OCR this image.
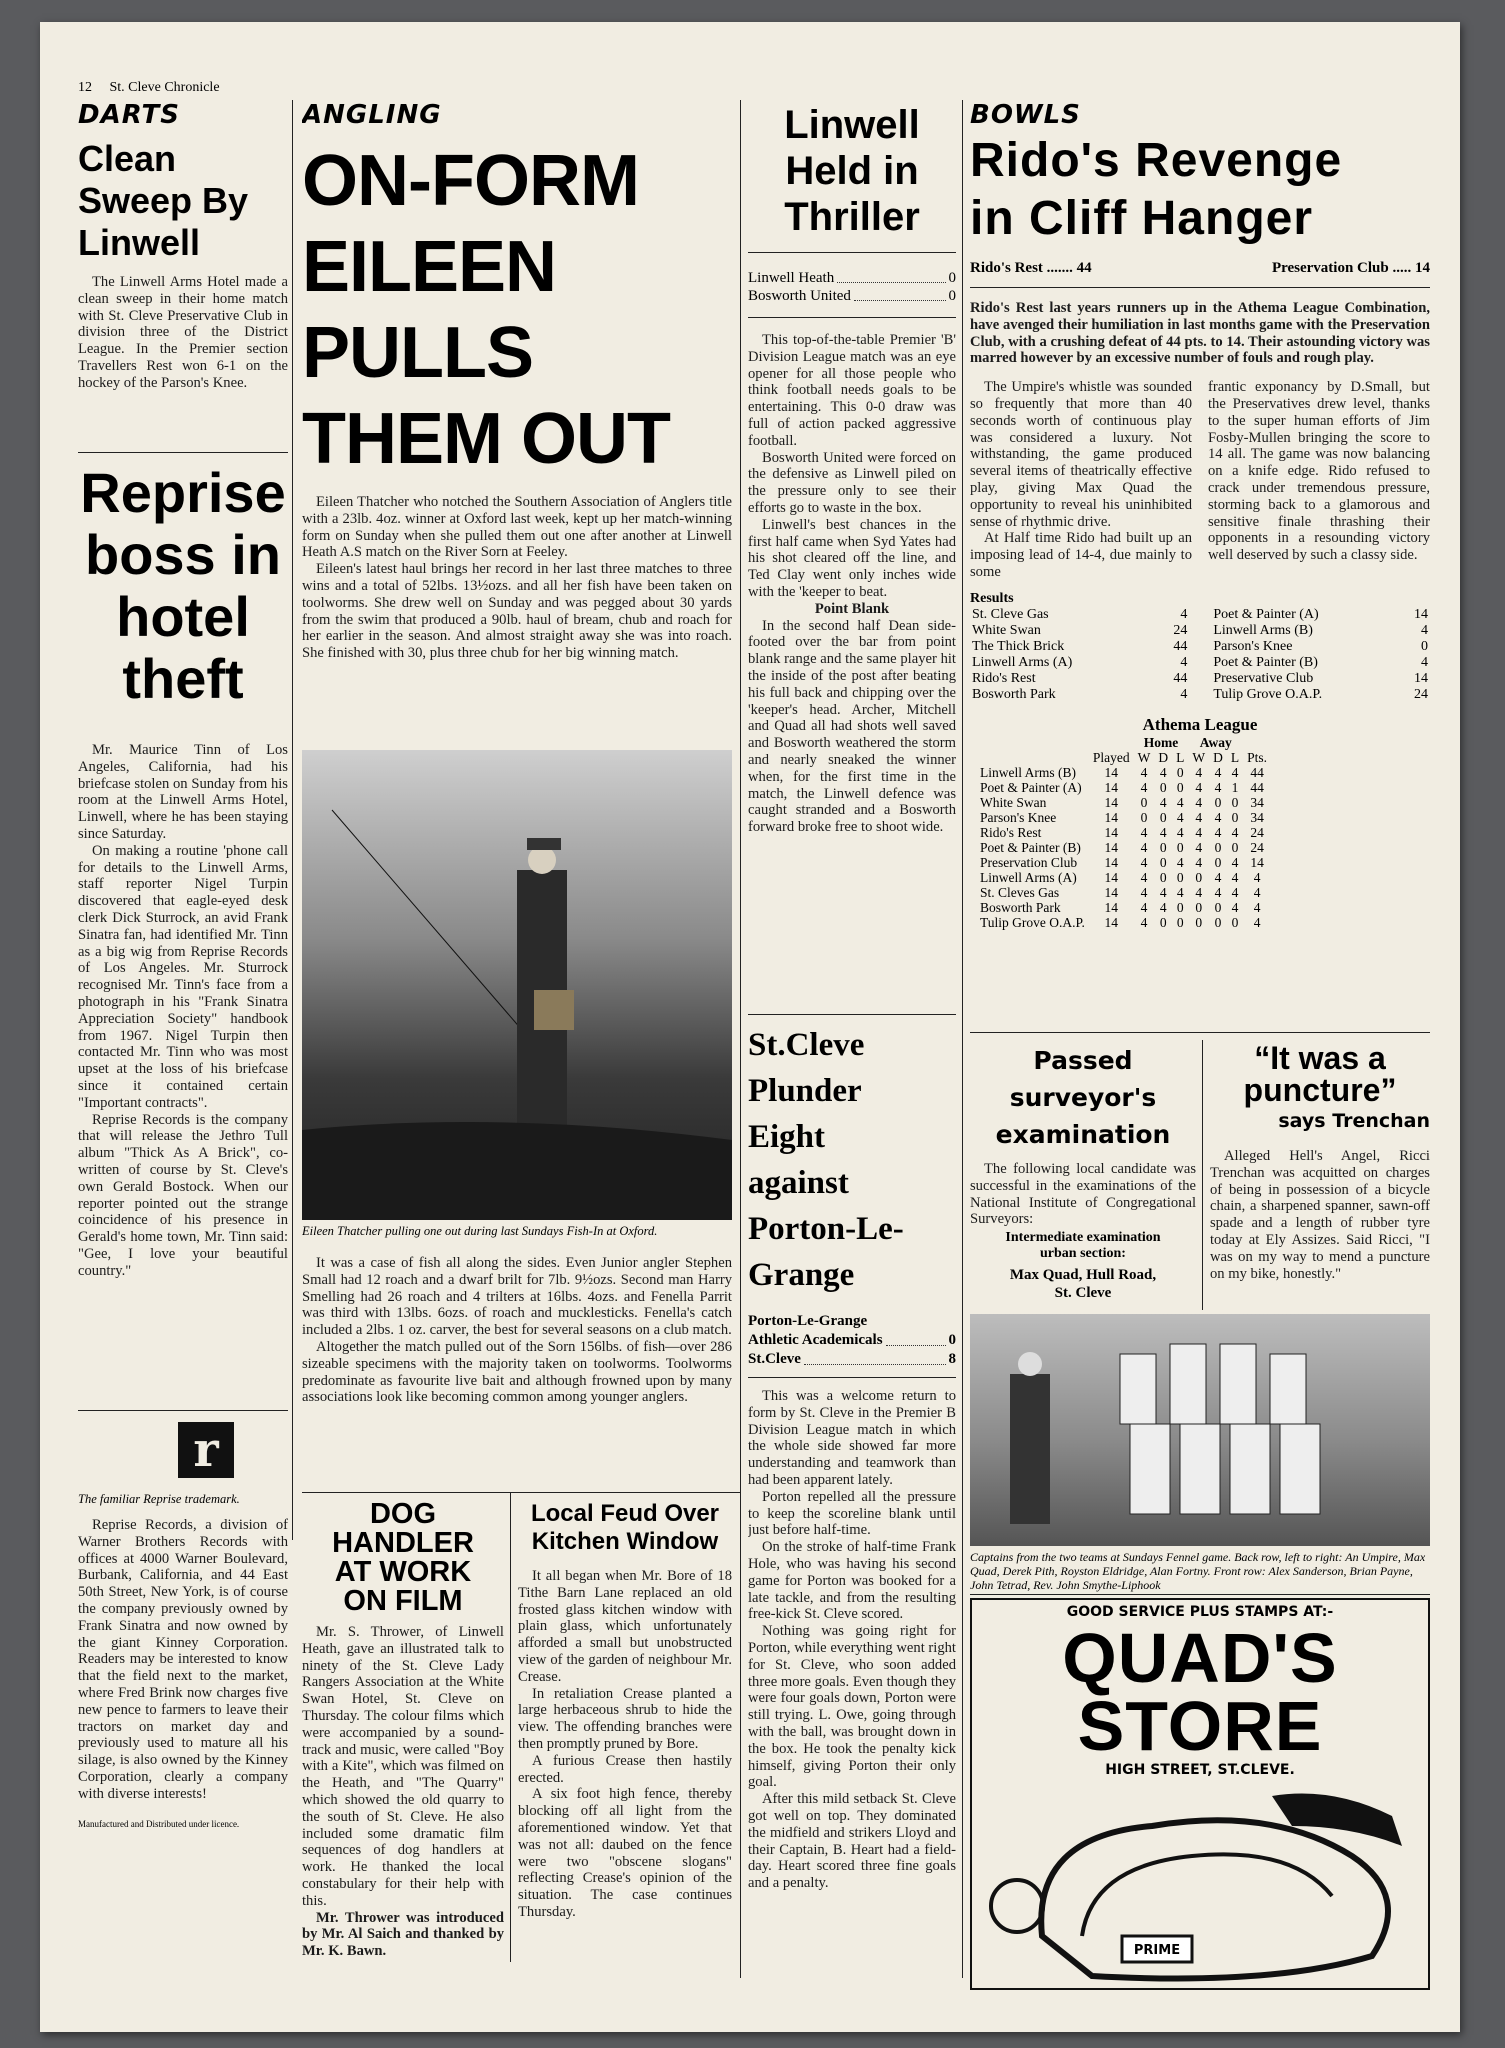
12 St. Cleve Chronicle
DARTS
Clean
Sweep By
Linwell

The Linwell Arms Hotel made a clean sweep in their home match with St. Cleve Preservative Club in division three of the District League. In the Premier section Travellers Rest won 6-1 on the hockey of the Parson's Knee.

Reprise
boss in
hotel
theft

Mr. Maurice Tinn of Los Angeles, California, had his briefcase stolen on Sunday from his room at the Linwell Arms Hotel, Linwell, where he has been staying since Saturday.

On making a routine 'phone call for details to the Linwell Arms, staff reporter Nigel Turpin discovered that eagle-eyed desk clerk Dick Sturrock, an avid Frank Sinatra fan, had identified Mr. Tinn as a big wig from Reprise Records of Los Angeles. Mr. Sturrock recognised Mr. Tinn's face from a photograph in his "Frank Sinatra Appreciation Society" handbook from 1967. Nigel Turpin then contacted Mr. Tinn who was most upset at the loss of his briefcase since it contained certain "Important contracts".

Reprise Records is the company that will release the Jethro Tull album "Thick As A Brick", co-written of course by St. Cleve's own Gerald Bostock. When our reporter pointed out the strange coincidence of his presence in Gerald's home town, Mr. Tinn said: "Gee, I love your beautiful country."

r
The familiar Reprise trademark.

Reprise Records, a division of Warner Brothers Records with offices at 4000 Warner Boulevard, Burbank, California, and 44 East 50th Street, New York, is of course the company previously owned by Frank Sinatra and now owned by the giant Kinney Corporation. Readers may be interested to know that the field next to the market, where Fred Brink now charges five new pence to farmers to leave their tractors on market day and previously used to mature all his silage, is also owned by the Kinney Corporation, clearly a company with diverse interests!

Manufactured and Distributed under licence.
ANGLING
ON-FORM
EILEEN PULLS
THEM OUT

Eileen Thatcher who notched the Southern Association of Anglers title with a 23lb. 4oz. winner at Oxford last week, kept up her match-winning form on Sunday when she pulled them out one after another at Linwell Heath A.S match on the River Sorn at Feeley.

Eileen's latest haul brings her record in her last three matches to three wins and a total of 52lbs. 13½ozs. and all her fish have been taken on toolworms. She drew well on Sunday and was pegged about 30 yards from the swim that produced a 90lb. haul of bream, chub and roach for her earlier in the season. And almost straight away she was into roach. She finished with 30, plus three chub for her big winning match.

Eileen Thatcher pulling one out during last Sundays Fish-In at Oxford.

It was a case of fish all along the sides. Even Junior angler Stephen Small had 12 roach and a dwarf brilt for 7lb. 9½ozs. Second man Harry Smelling had 26 roach and 4 trilters at 16lbs. 4ozs. and Fenella Parrit was third with 13lbs. 6ozs. of roach and mucklesticks. Fenella's catch included a 2lbs. 1 oz. carver, the best for several seasons on a club match.

Altogether the match pulled out of the Sorn 156lbs. of fish—over 286 sizeable specimens with the majority taken on toolworms. Toolworms predominate as favourite live bait and although frowned upon by many associations look like becoming common among younger anglers.

DOG
HANDLER
AT WORK
ON FILM

Mr. S. Thrower, of Linwell Heath, gave an illustrated talk to ninety of the St. Cleve Lady Rangers Association at the White Swan Hotel, St. Cleve on Thursday. The colour films which were accompanied by a sound-track and music, were called "Boy with a Kite", which was filmed on the Heath, and "The Quarry" which showed the old quarry to the south of St. Cleve. He also included some dramatic film sequences of dog handlers at work. He thanked the local constabulary for their help with this.

Mr. Thrower was introduced by Mr. Al Saich and thanked by Mr. K. Bawn.

Local Feud Over
Kitchen Window

It all began when Mr. Bore of 18 Tithe Barn Lane replaced an old frosted glass kitchen window with plain glass, which unfortunately afforded a small but unobstructed view of the garden of neighbour Mr. Crease.

In retaliation Crease planted a large herbaceous shrub to hide the view. The offending branches were then promptly pruned by Bore.

A furious Crease then hastily erected.

A six foot high fence, thereby blocking off all light from the aforementioned window. Yet that was not all: daubed on the fence were two "obscene slogans" reflecting Crease's opinion of the situation. The case continues Thursday.

Linwell
Held in
Thriller
Linwell Heath	0
Bosworth United	0

This top-of-the-table Premier 'B' Division League match was an eye opener for all those people who think football needs goals to be entertaining. This 0-0 draw was full of action packed aggressive football.

Bosworth United were forced on the defensive as Linwell piled on the pressure only to see their efforts go to waste in the box.

Linwell's best chances in the first half came when Syd Yates had his shot cleared off the line, and Ted Clay went only inches wide with the 'keeper to beat.

Point Blank

In the second half Dean side-footed over the bar from point blank range and the same player hit the inside of the post after beating his full back and chipping over the 'keeper's head. Archer, Mitchell and Quad all had shots well saved and Bosworth weathered the storm and nearly sneaked the winner when, for the first time in the match, the Linwell defence was caught stranded and a Bosworth forward broke free to shoot wide.

St.Cleve
Plunder
Eight
against
Porton-Le-
Grange
Porton-Le-Grange
Athletic Academicals	0
St.Cleve	8

This was a welcome return to form by St. Cleve in the Premier B Division League match in which the whole side showed far more understanding and teamwork than had been apparent lately.

Porton repelled all the pressure to keep the scoreline blank until just before half-time.

On the stroke of half-time Frank Hole, who was having his second game for Porton was booked for a late tackle, and from the resulting free-kick St. Cleve scored.

Nothing was going right for Porton, while everything went right for St. Cleve, who soon added three more goals. Even though they were four goals down, Porton were still trying. L. Owe, going through with the ball, was brought down in the box. He took the penalty kick himself, giving Porton their only goal.

After this mild setback St. Cleve got well on top. They dominated the midfield and strikers Lloyd and their Captain, B. Heart had a field-day. Heart scored three fine goals and a penalty.

BOWLS
Rido's Revenge
in Cliff Hanger
Rido's Rest ....... 44	Preservation Club ..... 14

Rido's Rest last years runners up in the Athema League Combination, have avenged their humiliation in last months game with the Preservation Club, with a crushing defeat of 44 pts. to 14. Their astounding victory was marred however by an excessive number of fouls and rough play.

The Umpire's whistle was sounded so frequently that more than 40 seconds worth of continuous play was considered a luxury. Not withstanding, the game produced several items of theatrically effective play, giving Max Quad the opportunity to reveal his uninhibited sense of rhythmic drive.

At Half time Rido had built up an imposing lead of 14-4, due mainly to some

frantic exponancy by D.Small, but the Preservatives drew level, thanks to the super human efforts of Jim Fosby-Mullen bringing the score to 14 all. The game was now balancing on a knife edge. Rido refused to crack under tremendous pressure, storming back to a glamorous and sensitive finale thrashing their opponents in a resounding victory well deserved by such a classy side.

Results
St. Cleve Gas	4	Poet & Painter (A)	14
White Swan	24	Linwell Arms (B)	4
The Thick Brick	44	Parson's Knee	0
Linwell Arms (A)	4	Poet & Painter (B)	4
Rido's Rest	44	Preservative Club	14
Bosworth Park	4	Tulip Grove O.A.P.	24
Athema League
		Home			Away			
	Played	W	D	L	W	D	L	Pts.
Linwell Arms (B)	14	4	4	0	4	4	4	44
Poet & Painter (A)	14	4	0	0	4	4	1	44
White Swan	14	0	4	4	4	0	0	34
Parson's Knee	14	0	0	4	4	4	0	34
Rido's Rest	14	4	4	4	4	4	4	24
Poet & Painter (B)	14	4	0	0	4	0	0	24
Preservation Club	14	4	0	4	4	0	4	14
Linwell Arms (A)	14	4	0	0	0	4	4	4
St. Cleves Gas	14	4	4	4	4	4	4	4
Bosworth Park	14	4	4	0	0	0	4	4
Tulip Grove O.A.P.	14	4	0	0	0	0	0	4
Passed
surveyor's
examination

The following local candidate was successful in the examinations of the National Institute of Congregational Surveyors:

Intermediate examination
urban section:
Max Quad, Hull Road,
St. Cleve
“It was a
puncture”
says Trenchan

Alleged Hell's Angel, Ricci Trenchan was acquitted on charges of being in possession of a bicycle chain, a sharpened spanner, sawn-off spade and a length of rubber tyre today at Ely Assizes. Said Ricci, "I was on my way to mend a puncture on my bike, honestly."

Captains from the two teams at Sundays Fennel game. Back row, left to right: An Umpire, Max Quad, Derek Pith, Royston Eldridge, Alan Fortny. Front row: Alex Sanderson, Brian Payne, John Tetrad, Rev. John Smythe-Liphook
GOOD SERVICE PLUS STAMPS AT:-
QUAD'S
STORE
HIGH STREET, ST.CLEVE.
PRIME
